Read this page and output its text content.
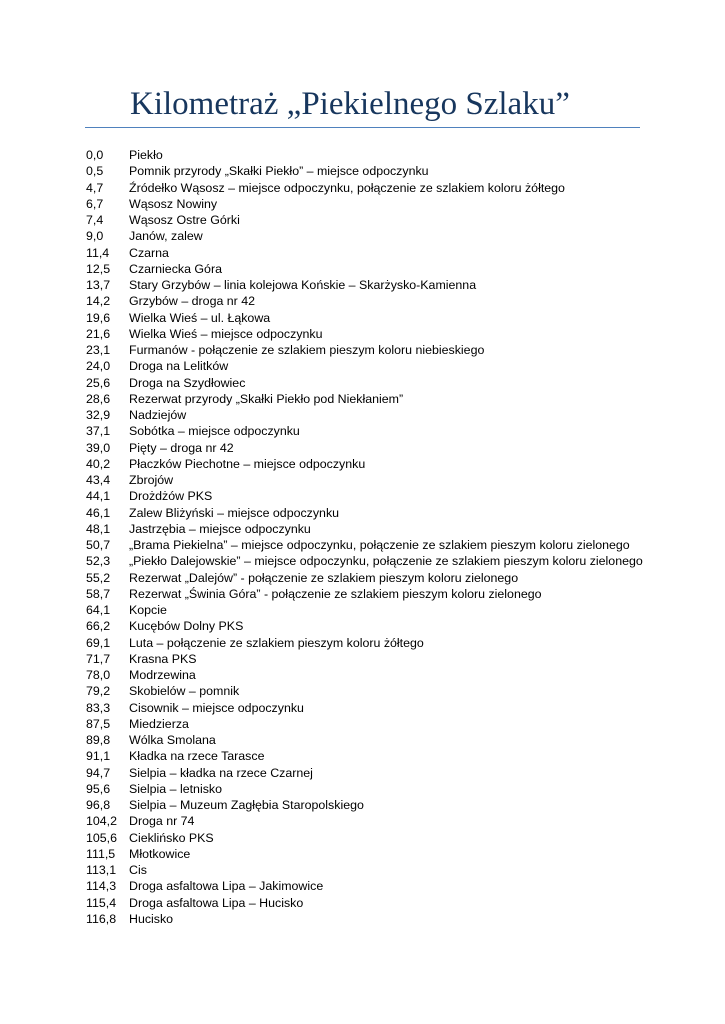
Kilometraż „Piekielnego Szlaku”
0,0 Piekło
0,5 Pomnik przyrody „Skałki Piekło” – miejsce odpoczynku
4,7 Źródełko Wąsosz – miejsce odpoczynku, połączenie ze szlakiem koloru żółtego
6,7 Wąsosz Nowiny
7,4 Wąsosz Ostre Górki
9,0 Janów, zalew
11,4 Czarna
12,5 Czarniecka Góra
13,7 Stary Grzybów – linia kolejowa Końskie – Skarżysko-Kamienna
14,2 Grzybów – droga nr 42
19,6 Wielka Wieś – ul. Łąkowa
21,6 Wielka Wieś – miejsce odpoczynku
23,1 Furmanów - połączenie ze szlakiem pieszym koloru niebieskiego
24,0 Droga na Lelitków
25,6 Droga na Szydłowiec
28,6 Rezerwat przyrody „Skałki Piekło pod Niekłaniem”
32,9 Nadziejów
37,1 Sobótka – miejsce odpoczynku
39,0 Pięty – droga nr 42
40,2 Płaczków Piechotne – miejsce odpoczynku
43,4 Zbrojów
44,1 Drożdżów PKS
46,1 Zalew Bliżyński – miejsce odpoczynku
48,1 Jastrzębia – miejsce odpoczynku
50,7 „Brama Piekielna” – miejsce odpoczynku, połączenie ze szlakiem pieszym koloru zielonego
52,3 „Piekło Dalejowskie” – miejsce odpoczynku, połączenie ze szlakiem pieszym koloru zielonego
55,2 Rezerwat „Dalejów” - połączenie ze szlakiem pieszym koloru zielonego
58,7 Rezerwat „Świnia Góra” - połączenie ze szlakiem pieszym koloru zielonego
64,1 Kopcie
66,2 Kucębów Dolny PKS
69,1 Luta – połączenie ze szlakiem pieszym koloru żółtego
71,7 Krasna PKS
78,0 Modrzewina
79,2 Skobielów – pomnik
83,3 Cisownik – miejsce odpoczynku
87,5 Miedzierza
89,8 Wólka Smolana
91,1 Kładka na rzece Tarasce
94,7 Sielpia – kładka na rzece Czarnej
95,6 Sielpia – letnisko
96,8 Sielpia – Muzeum Zagłębia Staropolskiego
104,2 Droga nr 74
105,6 Cieklińsko PKS
111,5 Młotkowice
113,1 Cis
114,3 Droga asfaltowa Lipa – Jakimowice
115,4 Droga asfaltowa Lipa – Hucisko
116,8 Hucisko
